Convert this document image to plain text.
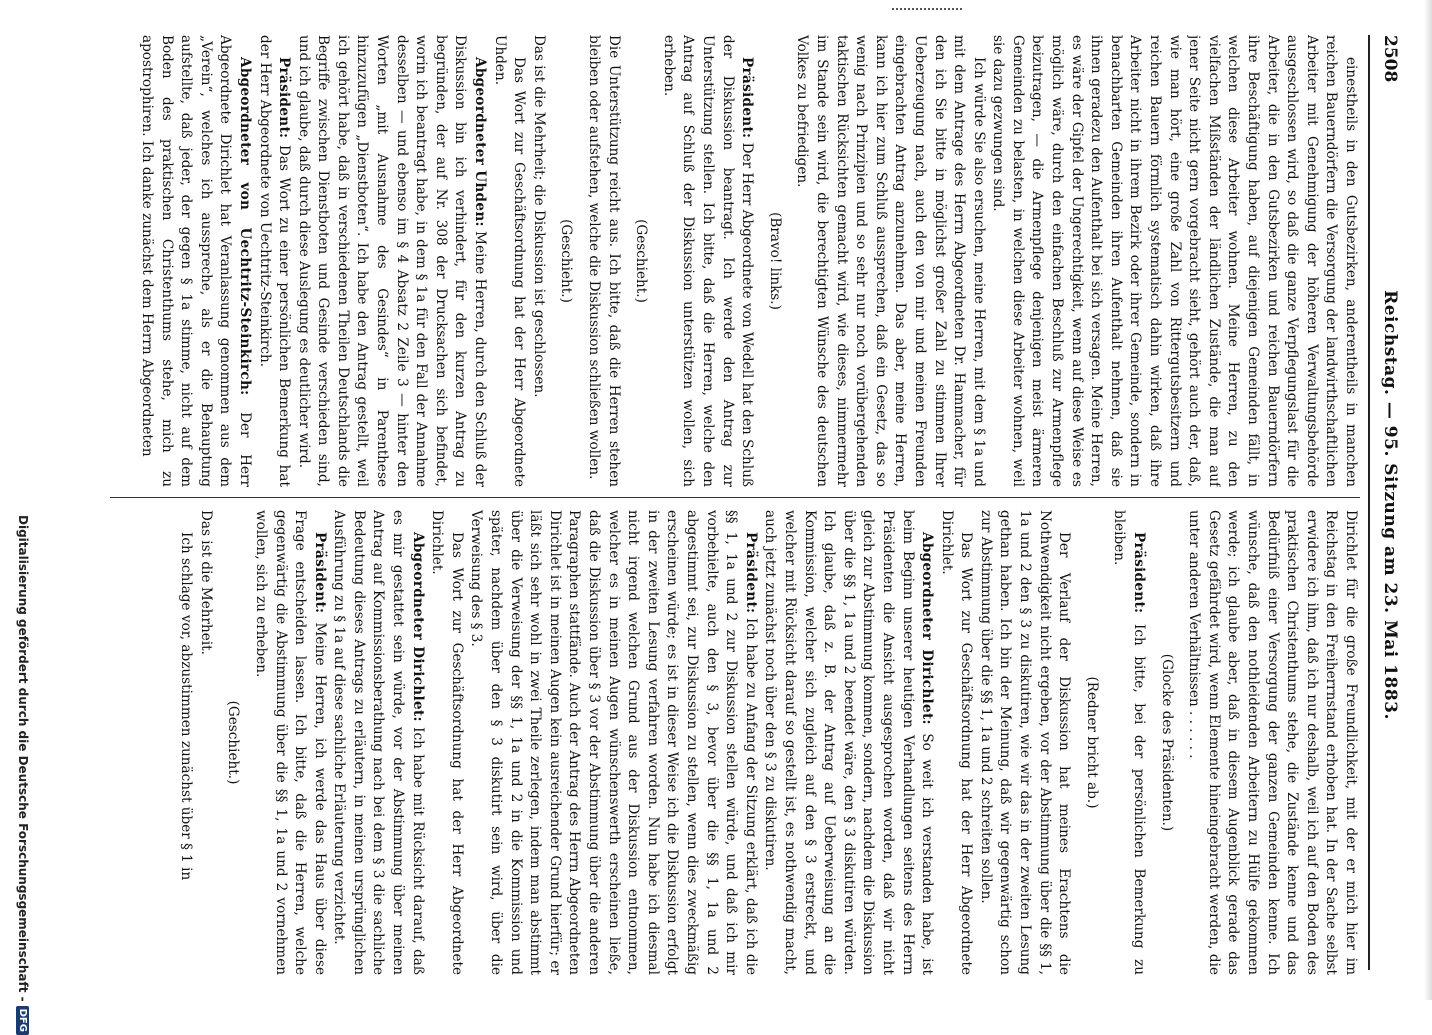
2508
Reichstag. — 95. Sitzung am 23. Mai 1883.

einestheils in den Gutsbezirken, anderentheils in manchen reichen Bauerndörfern die Versorgung der landwirthschaftlichen Arbeiter mit Genehmigung der höheren Verwaltungsbehörde ausgeschlossen wird, so daß die ganze Verpflegungslast für die Arbeiter, die in den Gutsbezirken und reichen Bauerndörfern ihre Beschäftigung haben, auf diejenigen Gemeinden fällt, in welchen diese Arbeiter wohnen. Meine Herren, zu den vielfachen Mißständen der ländlichen Zustände, die man auf jener Seite nicht gern vorgebracht sieht, gehört auch der, daß, wie man hört, eine große Zahl von Rittergutsbesitzern und reichen Bauern förmlich systematisch dahin wirken, daß ihre Arbeiter nicht in ihrem Bezirk oder ihrer Gemeinde, sondern in benachbarten Gemeinden ihren Aufenthalt nehmen, daß sie ihnen geradezu den Aufenthalt bei sich versagen. Meine Herren, es wäre der Gipfel der Ungerechtigkeit, wenn auf diese Weise es möglich wäre, durch den einfachen Beschluß zur Armenpflege beizutragen, — die Armenpflege denjenigen meist ärmeren Gemeinden zu belasten, in welchen diese Arbeiter wohnen, weil sie dazu gezwungen sind.

Ich würde Sie also ersuchen, meine Herren, mit dem § 1a und mit dem Antrage des Herrn Abgeordneten Dr. Hammacher, für den ich Sie bitte in möglichst großer Zahl zu stimmen Ihrer Ueberzeugung nach, auch den von mir und meinen Freunden eingebrachten Antrag anzunehmen. Das aber, meine Herren, kann ich hier zum Schluß aussprechen, daß ein Gesetz, das so wenig nach Prinzipien und so sehr nur noch vorübergehenden taktischen Rücksichten gemacht wird, wie dieses, nimmermehr im Stande sein wird, die berechtigten Wünsche des deutschen Volkes zu befriedigen.

(Bravo! links.)

Präsident: Der Herr Abgeordnete von Wedell hat den Schluß der Diskussion beantragt. Ich werde den Antrag zur Unterstützung stellen. Ich bitte, daß die Herren, welche den Antrag auf Schluß der Diskussion unterstützen wollen, sich erheben.

(Geschieht.)

Die Unterstützung reicht aus. Ich bitte, daß die Herren stehen bleiben oder aufstehen, welche die Diskussion schließen wollen.

(Geschieht.)

Das ist die Mehrheit; die Diskussion ist geschlossen.

Das Wort zur Geschäftsordnung hat der Herr Abgeordnete Uhden.

Abgeordneter Uhden: Meine Herren, durch den Schluß der Diskussion bin ich verhindert, für den kurzen Antrag zu begründen, der auf Nr. 308 der Drucksachen sich befindet, worin ich beantragt habe, in dem § 1a für den Fall der Annahme desselben — und ebenso im § 4 Absatz 2 Zeile 3 — hinter den Worten „mit Ausnahme des Gesindes“ in Parenthese hinzuzufügen „Dienstboten“. Ich habe den Antrag gestellt, weil ich gehört habe, daß in verschiedenen Theilen Deutschlands die Begriffe zwischen Dienstboten und Gesinde verschieden sind, und ich glaube, daß durch diese Auslegung es deutlicher wird.

Präsident: Das Wort zu einer persönlichen Bemerkung hat der Herr Abgeordnete von Uechtritz-Steinkirch.

Abgeordneter von Uechtritz-Steinkirch: Der Herr Abgeordnete Dirichlet hat Veranlassung genommen aus dem „Verein“, welches ich ausspreche, als er die Behauptung aufstellte, daß jeder, der gegen § 1a stimme, nicht auf dem Boden des praktischen Christenthums stehe, mich zu apostrophiren. Ich danke zunächst dem Herrn Abgeordneten

Dirichlet für die große Freundlichkeit, mit der er mich hier im Reichstag in den Freiherrnstand erhoben hat. In der Sache selbst erwidere ich ihm, daß ich nur deshalb, weil ich auf den Boden des praktischen Christenthums stehe, die Zustände kenne und das Bedürfniß einer Versorgung der ganzen Gemeinden kenne. Ich wünsche, daß den nothleidenden Arbeitern zu Hülfe gekommen werde; ich glaube aber, daß in diesem Augenblick gerade das Gesetz gefährdet wird, wenn Elemente hineingebracht werden, die unter anderen Verhältnissen . . . . . .

(Glocke des Präsidenten.)

Präsident: Ich bitte, bei der persönlichen Bemerkung zu bleiben.

(Redner bricht ab.)

Der Verlauf der Diskussion hat meines Erachtens die Nothwendigkeit nicht ergeben, vor der Abstimmung über die §§ 1, 1a und 2 den § 3 zu diskutiren, wie wir das in der zweiten Lesung gethan haben. Ich bin der Meinung, daß wir gegenwärtig schon zur Abstimmung über die §§ 1, 1a und 2 schreiten sollen.

Das Wort zur Geschäftsordnung hat der Herr Abgeordnete Dirichlet.

Abgeordneter Dirichlet: So weit ich verstanden habe, ist beim Beginn unserer heutigen Verhandlungen seitens des Herrn Präsidenten die Ansicht ausgesprochen worden, daß wir nicht gleich zur Abstimmung kommen, sondern, nachdem die Diskussion über die §§ 1, 1a und 2 beendet wäre, den § 3 diskutiren würden. Ich glaube, daß z. B. der Antrag auf Ueberweisung an die Kommission, welcher sich zugleich auf den § 3 erstreckt, und welcher mit Rücksicht darauf so gestellt ist, es nothwendig macht, auch jetzt zunächst noch über den § 3 zu diskutiren.

Präsident: Ich habe zu Anfang der Sitzung erklärt, daß ich die §§ 1, 1a und 2 zur Diskussion stellen würde, und daß ich mir vorbehielte, auch den § 3, bevor über die §§ 1, 1a und 2 abgestimmt sei, zur Diskussion zu stellen, wenn dies zweckmäßig erscheinen würde; es ist in dieser Weise ich die Diskussion erfolgt in der zweiten Lesung verfahren worden. Nun habe ich diesmal nicht irgend welchen Grund aus der Diskussion entnommen, welcher es in meinen Augen wünschenswerth erscheinen ließe, daß die Diskussion über § 3 vor der Abstimmung über die anderen Paragraphen stattfände. Auch der Antrag des Herrn Abgeordneten Dirichlet ist in meinen Augen kein ausreichender Grund hierfür; er läßt sich sehr wohl in zwei Theile zerlegen, indem man abstimmt über die Verweisung der §§ 1, 1a und 2 in die Kommission und später, nachdem über den § 3 diskutirt sein wird, über die Verweisung des § 3.

Das Wort zur Geschäftsordnung hat der Herr Abgeordnete Dirichlet.

Abgeordneter Dirichlet: Ich habe mit Rücksicht darauf, daß es mir gestattet sein würde, vor der Abstimmung über meinen Antrag auf Kommissionsberathung nach bei dem § 3 die sachliche Bedeutung dieses Antrags zu erläutern, in meinen ursprünglichen Ausführung zu § 1a auf diese sachliche Erläuterung verzichtet.

Präsident: Meine Herren, ich werde das Haus über diese Frage entscheiden lassen. Ich bitte, daß die Herren, welche gegenwärtig die Abstimmung über die §§ 1, 1a und 2 vornehmen wollen, sich zu erheben.

(Geschieht.)

Das ist die Mehrheit.

Ich schlage vor, abzustimmen zunächst über § 1 in

Digitalisierung gefördert durch die Deutsche Forschungsgemeinschaft -
DFG
